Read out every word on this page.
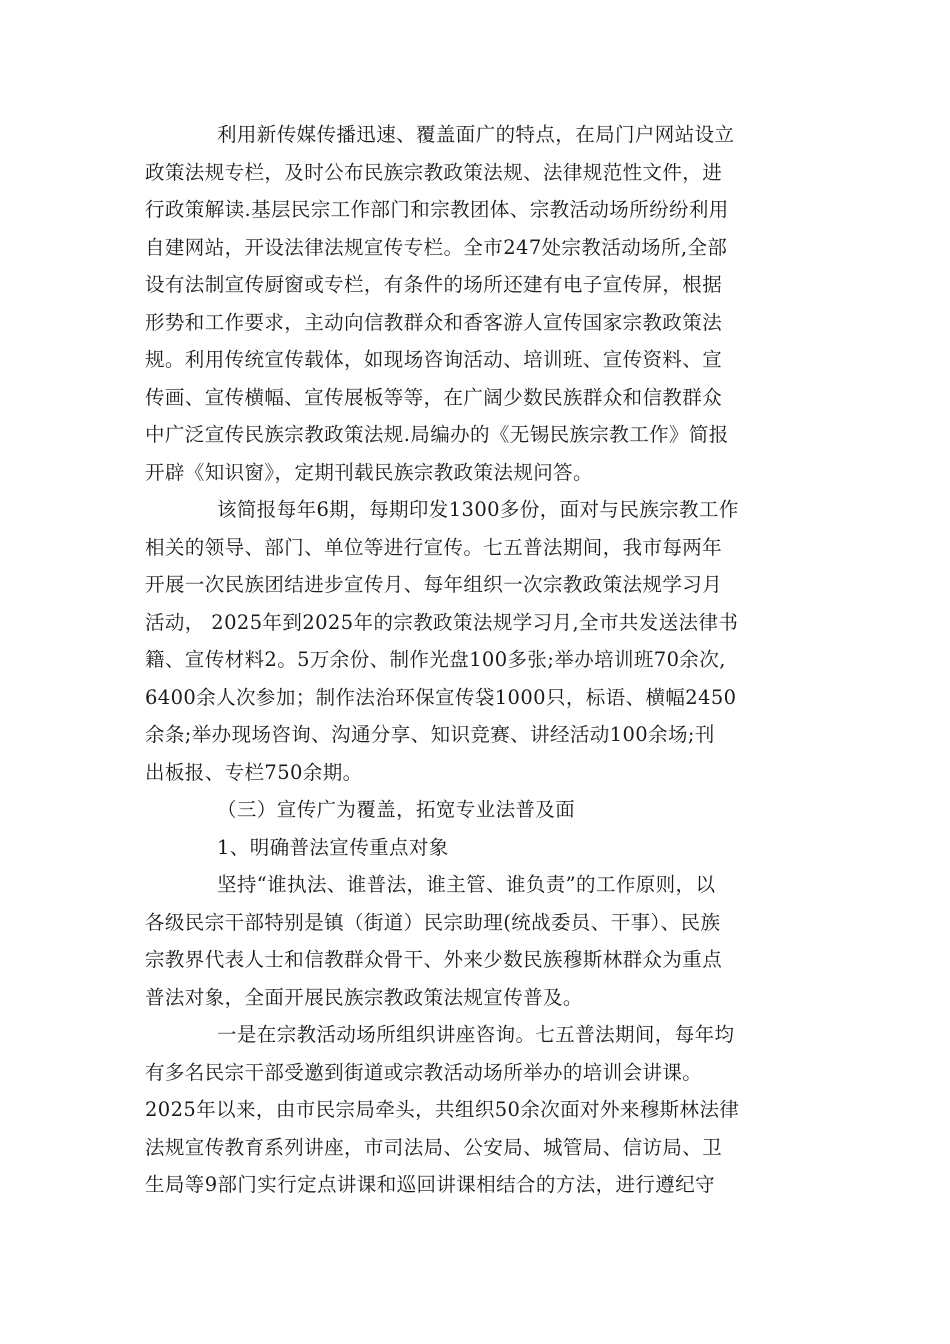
利用新传媒传播迅速、覆盖面广的特点，在局门户网站设立
政策法规专栏，及时公布民族宗教政策法规、法律规范性文件，进
行政策解读.基层民宗工作部门和宗教团体、宗教活动场所纷纷利用
自建网站，开设法律法规宣传专栏。全市247处宗教活动场所,全部
设有法制宣传厨窗或专栏，有条件的场所还建有电子宣传屏，根据
形势和工作要求，主动向信教群众和香客游人宣传国家宗教政策法
规。利用传统宣传载体，如现场咨询活动、培训班、宣传资料、宣
传画、宣传横幅、宣传展板等等，在广阔少数民族群众和信教群众
中广泛宣传民族宗教政策法规.局编办的《无锡民族宗教工作》简报
开辟《知识窗》，定期刊载民族宗教政策法规问答。
该简报每年6期，每期印发1300多份，面对与民族宗教工作
相关的领导、部门、单位等进行宣传。七五普法期间，我市每两年
开展一次民族团结进步宣传月、每年组织一次宗教政策法规学习月
活动， 2025年到2025年的宗教政策法规学习月,全市共发送法律书
籍、宣传材料2。5万余份、制作光盘100多张;举办培训班70余次,
6400余人次参加；制作法治环保宣传袋1000只，标语、横幅2450
余条;举办现场咨询、沟通分享、知识竞赛、讲经活动100余场;刊
出板报、专栏750余期。
（三）宣传广为覆盖，拓宽专业法普及面
1、明确普法宣传重点对象
坚持“谁执法、谁普法，谁主管、谁负责”的工作原则，以
各级民宗干部特别是镇（街道）民宗助理(统战委员、干事）、民族
宗教界代表人士和信教群众骨干、外来少数民族穆斯林群众为重点
普法对象，全面开展民族宗教政策法规宣传普及。
一是在宗教活动场所组织讲座咨询。七五普法期间，每年均
有多名民宗干部受邀到街道或宗教活动场所举办的培训会讲课。
2025年以来，由市民宗局牵头，共组织50余次面对外来穆斯林法律
法规宣传教育系列讲座，市司法局、公安局、城管局、信访局、卫
生局等9部门实行定点讲课和巡回讲课相结合的方法，进行遵纪守
